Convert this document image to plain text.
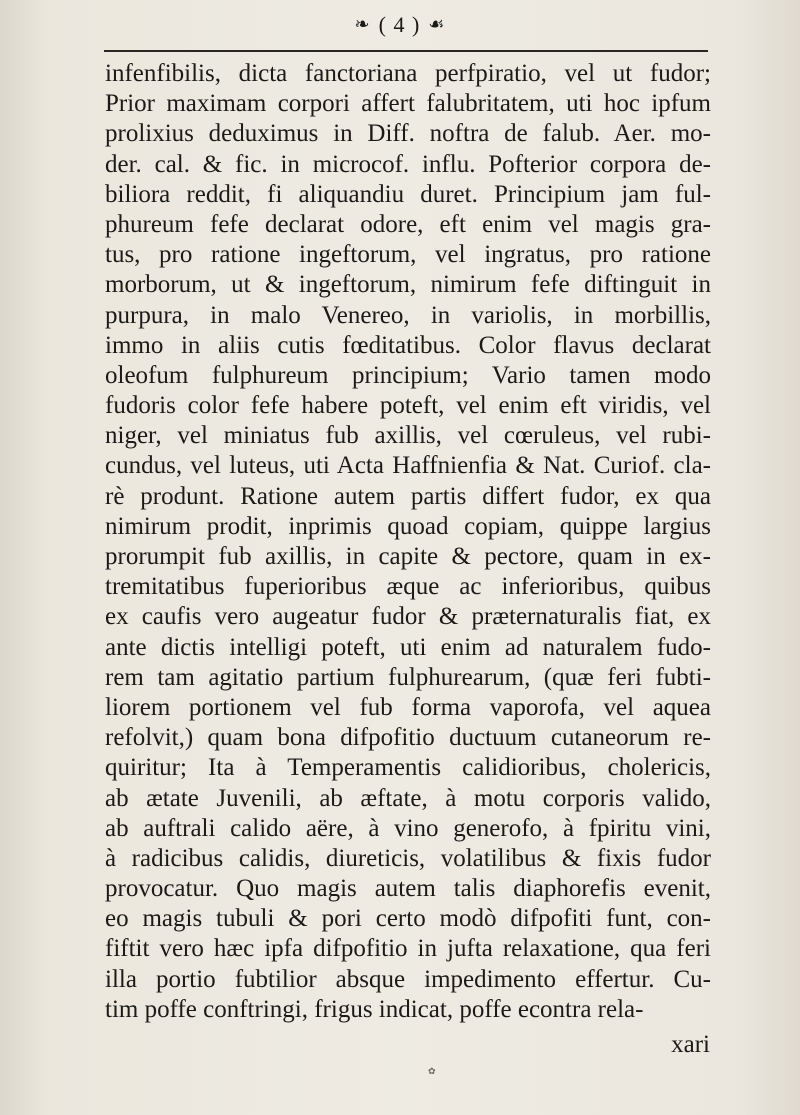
❧ ( 4 ) ☙
infenfibilis, dicta fanctoriana perfpiratio, vel ut fudor;
Prior maximam corpori affert falubritatem, uti hoc ipfum
prolixius deduximus in Diff. noftra de falub. Aer. mo-
der. cal. & fic. in microcof. influ. Pofterior corpora de-
biliora reddit, fi aliquandiu duret. Principium jam ful-
phureum fefe declarat odore, eft enim vel magis gra-
tus, pro ratione ingeftorum, vel ingratus, pro ratione
morborum, ut & ingeftorum, nimirum fefe diftinguit in
purpura, in malo Venereo, in variolis, in morbillis,
immo in aliis cutis fœditatibus. Color flavus declarat
oleofum fulphureum principium; Vario tamen modo
fudoris color fefe habere poteft, vel enim eft viridis, vel
niger, vel miniatus fub axillis, vel cœruleus, vel rubi-
cundus, vel luteus, uti Acta Haffnienfia & Nat. Curiof. cla-
rè produnt. Ratione autem partis differt fudor, ex qua
nimirum prodit, inprimis quoad copiam, quippe largius
prorumpit fub axillis, in capite & pectore, quam in ex-
tremitatibus fuperioribus æque ac inferioribus, quibus
ex caufis vero augeatur fudor & præternaturalis fiat, ex
ante dictis intelligi poteft, uti enim ad naturalem fudo-
rem tam agitatio partium fulphurearum, (quæ feri fubti-
liorem portionem vel fub forma vaporofa, vel aquea
refolvit,) quam bona difpofitio ductuum cutaneorum re-
quiritur; Ita à Temperamentis calidioribus, cholericis,
ab ætate Juvenili, ab æftate, à motu corporis valido,
ab auftrali calido aëre, à vino generofo, à fpiritu vini,
à radicibus calidis, diureticis, volatilibus & fixis fudor
provocatur. Quo magis autem talis diaphorefis evenit,
eo magis tubuli & pori certo modò difpofiti funt, con-
fiftit vero hæc ipfa difpofitio in jufta relaxatione, qua feri
illa portio fubtilior absque impedimento effertur. Cu-
tim poffe conftringi, frigus indicat, poffe econtra rela-
xari
✿
